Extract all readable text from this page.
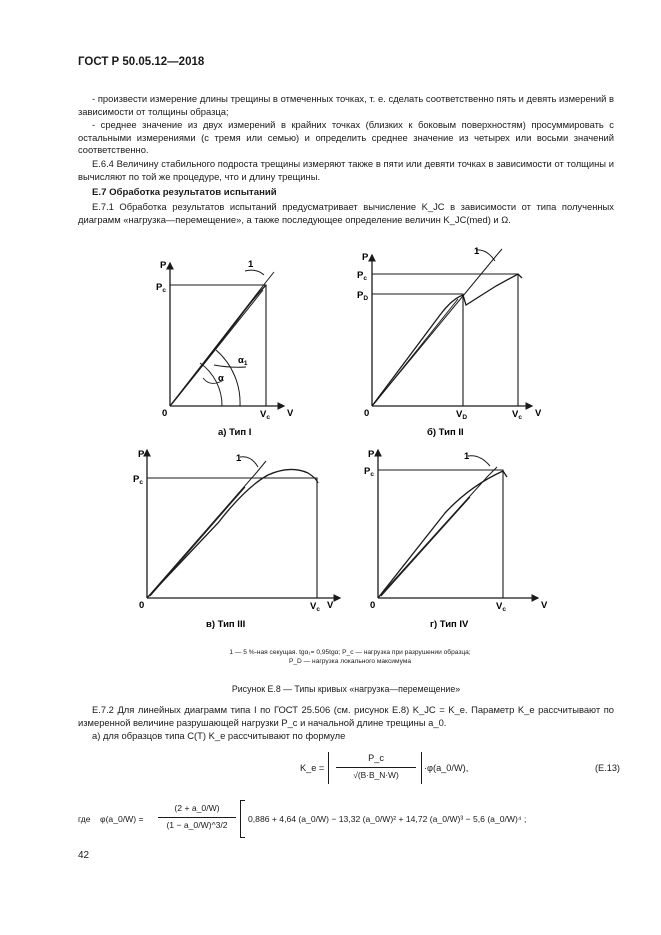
ГОСТ Р 50.05.12—2018
- произвести измерение длины трещины в отмеченных точках, т. е. сделать соответственно пять и девять измерений в зависимости от толщины образца;
- среднее значение из двух измерений в крайних точках (близких к боковым поверхностям) просуммировать с остальными измерениями (с тремя или семью) и определить среднее значение из четырех или восьми значений соответственно.
Е.6.4 Величину стабильного подроста трещины измеряют также в пяти или девяти точках в зависимости от толщины и вычисляют по той же процедуре, что и длину трещины.
Е.7 Обработка результатов испытаний
Е.7.1 Обработка результатов испытаний предусматривает вычисление K_JC в зависимости от типа полученных диаграмм «нагрузка—перемещение», а также последующее определение величин K_JC(med) и Ω.
P
$P_c$
0	V
$V_c$
1
α
$\alpha_1$
а) Тип I
P
$P_c$
$P_D$
0	V
$V_D$	$V_c$
1
б) Тип II
P
$P_c$
0	V
$V_c$
1
в) Тип III
P
$P_c$
0	V
$V_c$
1
г) Тип IV
1 — 5 %-ная секущая. tgα₁= 0,95tgα; P_c — нагрузка при разрушении образца;
P_D — нагрузка локального максимума
Рисунок Е.8 — Типы кривых «нагрузка—перемещение»
Е.7.2 Для линейных диаграмм типа I по ГОСТ 25.506 (см. рисунок Е.8) K_JC = K_e. Параметр K_e рассчитывают по измеренной величине разрушающей нагрузки P_c и начальной длине трещины a_0.
а) для образцов типа С(Т) K_e рассчитывают по формуле
K_e =
P_c
√(B·B_N·W)
·φ(a_0/W),	(Е.13)
где φ(a_0/W) =
(2 + a_0/W)
(1 − a_0/W)^3/2
0,886 + 4,64 (a_0/W) − 13,32 (a_0/W)² + 14,72 (a_0/W)³ − 5,6 (a_0/W)⁴ ;
42
